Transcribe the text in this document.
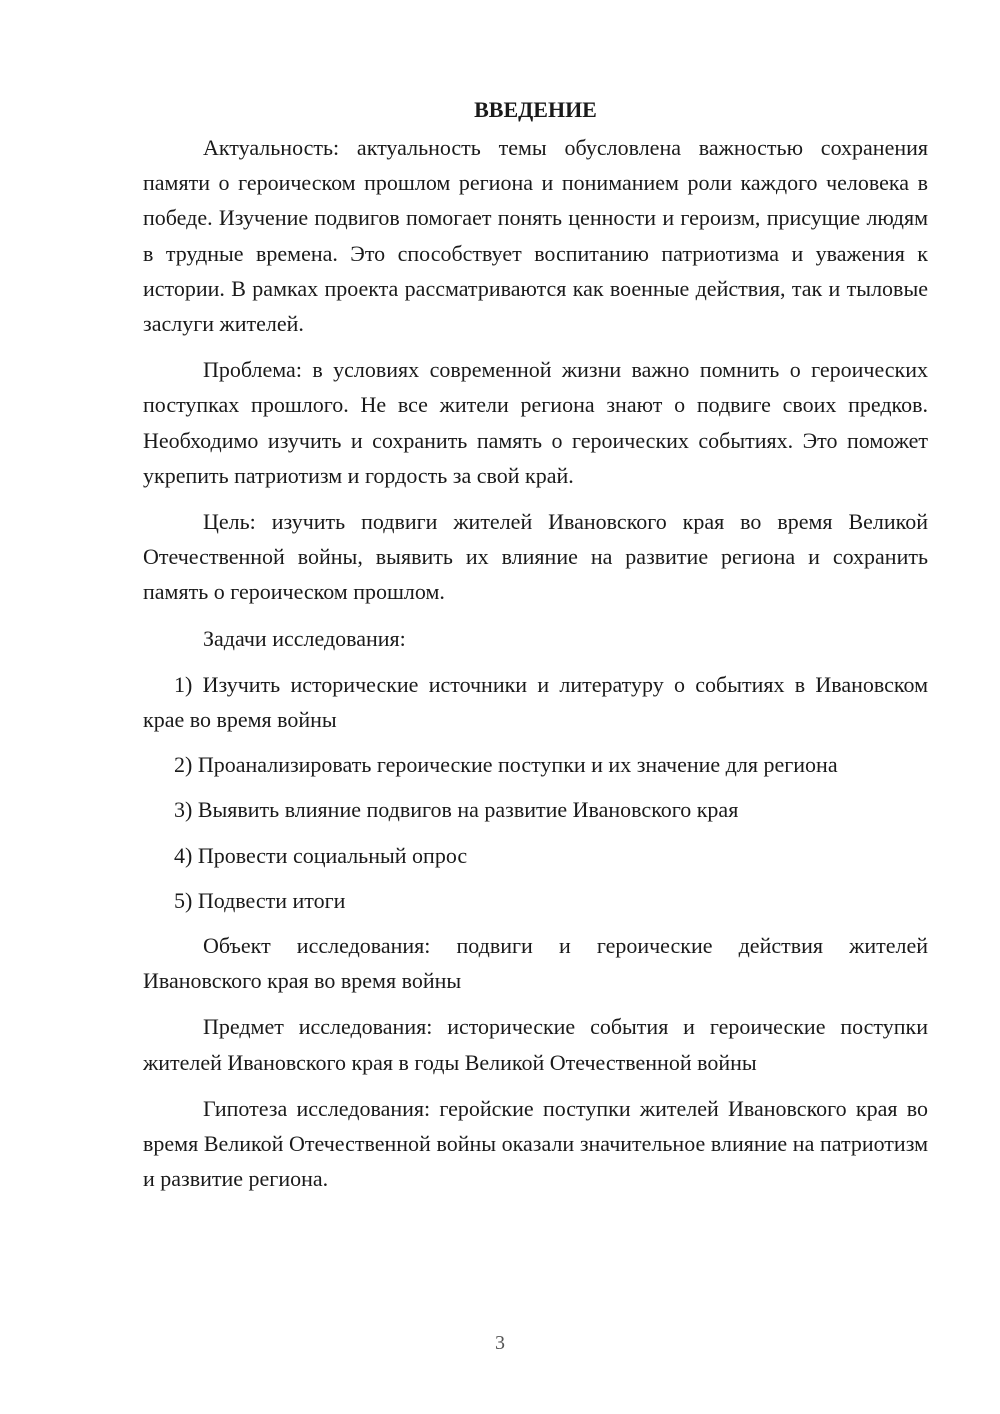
ВВЕДЕНИЕ

Актуальность: актуальность темы обусловлена важностью сохранения памяти о героическом прошлом региона и пониманием роли каждого человека в победе. Изучение подвигов помогает понять ценности и героизм, присущие людям в трудные времена. Это способствует воспитанию патриотизма и уважения к истории. В рамках проекта рассматриваются как военные действия, так и тыловые заслуги жителей.

Проблема: в условиях современной жизни важно помнить о героических поступках прошлого. Не все жители региона знают о подвиге своих предков. Необходимо изучить и сохранить память о героических событиях. Это поможет укрепить патриотизм и гордость за свой край.

Цель: изучить подвиги жителей Ивановского края во время Великой Отечественной войны, выявить их влияние на развитие региона и сохранить память о героическом прошлом.

Задачи исследования:

1) Изучить исторические источники и литературу о событиях в Ивановском крае во время войны

2) Проанализировать героические поступки и их значение для региона

3) Выявить влияние подвигов на развитие Ивановского края

4) Провести социальный опрос

5) Подвести итоги

Объект исследования: подвиги и героические действия жителей Ивановского края во время войны

Предмет исследования: исторические события и героические поступки жителей Ивановского края в годы Великой Отечественной войны

Гипотеза исследования: геройские поступки жителей Ивановского края во время Великой Отечественной войны оказали значительное влияние на патриотизм и развитие региона.

3
